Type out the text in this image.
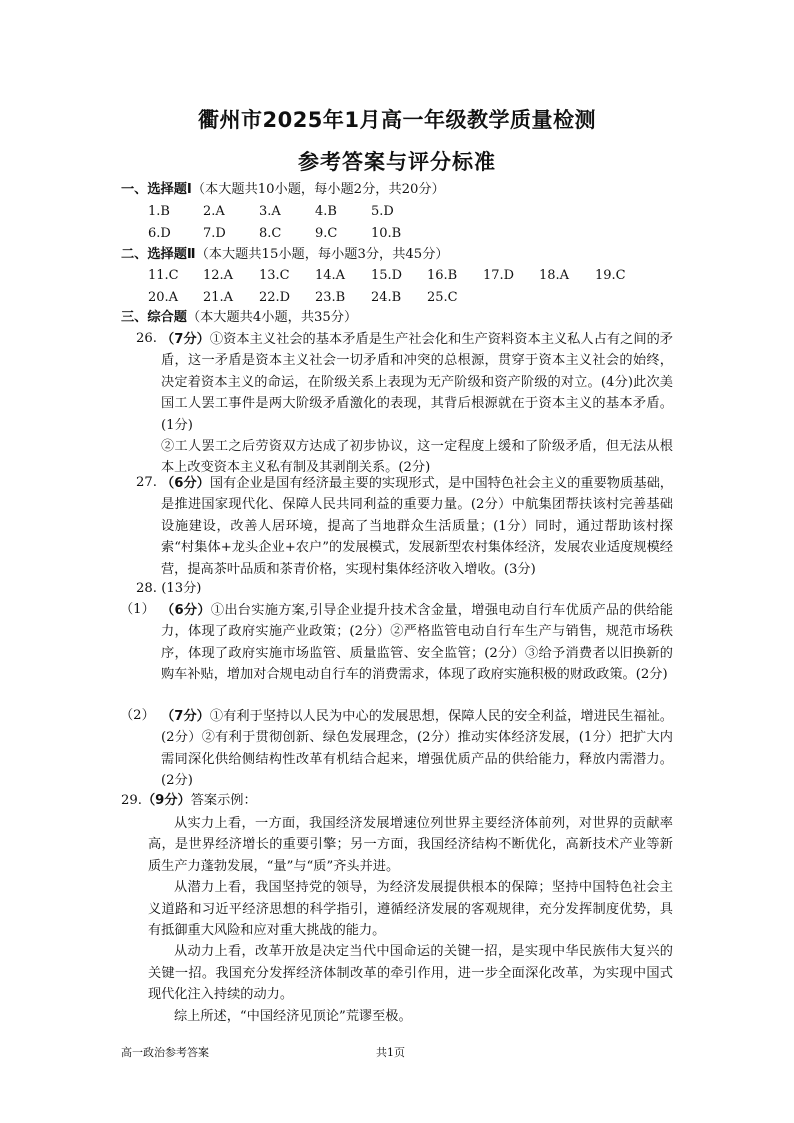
衢州市2025年1月高一年级教学质量检测
参考答案与评分标准
一、选择题Ⅰ（本大题共10小题，每小题2分，共20分）
1.B	2.A	3.A	4.B	5.D
6.D 7.D	8.C	9.C	10.B
二、选择题Ⅱ（本大题共15小题，每小题3分，共45分）
11.C 12.A 13.C 14.A 15.D 16.B 17.D 18.A 19.C
20.A 21.A 22.D 23.B 24.B 25.C
三、综合题（本大题共4小题，共35分）
26. （7分）①资本主义社会的基本矛盾是生产社会化和生产资料资本主义私人占有之间的矛盾，这一矛盾是资本主义社会一切矛盾和冲突的总根源，贯穿于资本主义社会的始终，决定着资本主义的命运，在阶级关系上表现为无产阶级和资产阶级的对立。(4分)此次美国工人罢工事件是两大阶级矛盾激化的表现，其背后根源就在于资本主义的基本矛盾。(1分)
②工人罢工之后劳资双方达成了初步协议，这一定程度上缓和了阶级矛盾，但无法从根本上改变资本主义私有制及其剥削关系。(2分)
27. （6分）国有企业是国有经济最主要的实现形式，是中国特色社会主义的重要物质基础，是推进国家现代化、保障人民共同利益的重要力量。(2分）中航集团帮扶该村完善基础设施建设，改善人居环境，提高了当地群众生活质量；(1分）同时，通过帮助该村探索“村集体+龙头企业+农户”的发展模式，发展新型农村集体经济，发展农业适度规模经营，提高茶叶品质和茶青价格，实现村集体经济收入增收。(3分)
28. (13分)
（1） （6分）①出台实施方案,引导企业提升技术含金量，增强电动自行车优质产品的供给能力，体现了政府实施产业政策；(2分）②严格监管电动自行车生产与销售，规范市场秩序，体现了政府实施市场监管、质量监管、安全监管；(2分）③给予消费者以旧换新的购车补贴，增加对合规电动自行车的消费需求，体现了政府实施积极的财政政策。(2分)
（2） （7分）①有利于坚持以人民为中心的发展思想，保障人民的安全利益，增进民生福祉。(2分）②有利于贯彻创新、绿色发展理念，(2分）推动实体经济发展，(1分）把扩大内需同深化供给侧结构性改革有机结合起来，增强优质产品的供给能力，释放内需潜力。(2分)
29.（9分）答案示例：
从实力上看，一方面，我国经济发展增速位列世界主要经济体前列，对世界的贡献率高，是世界经济增长的重要引擎；另一方面，我国经济结构不断优化，高新技术产业等新质生产力蓬勃发展，“量”与“质”齐头并进。
从潜力上看，我国坚持党的领导，为经济发展提供根本的保障；坚持中国特色社会主义道路和习近平经济思想的科学指引，遵循经济发展的客观规律，充分发挥制度优势，具有抵御重大风险和应对重大挑战的能力。
从动力上看，改革开放是决定当代中国命运的关键一招，是实现中华民族伟大复兴的关键一招。我国充分发挥经济体制改革的牵引作用，进一步全面深化改革，为实现中国式现代化注入持续的动力。
综上所述，“中国经济见顶论”荒谬至极。
高一政治参考答案	共1页
